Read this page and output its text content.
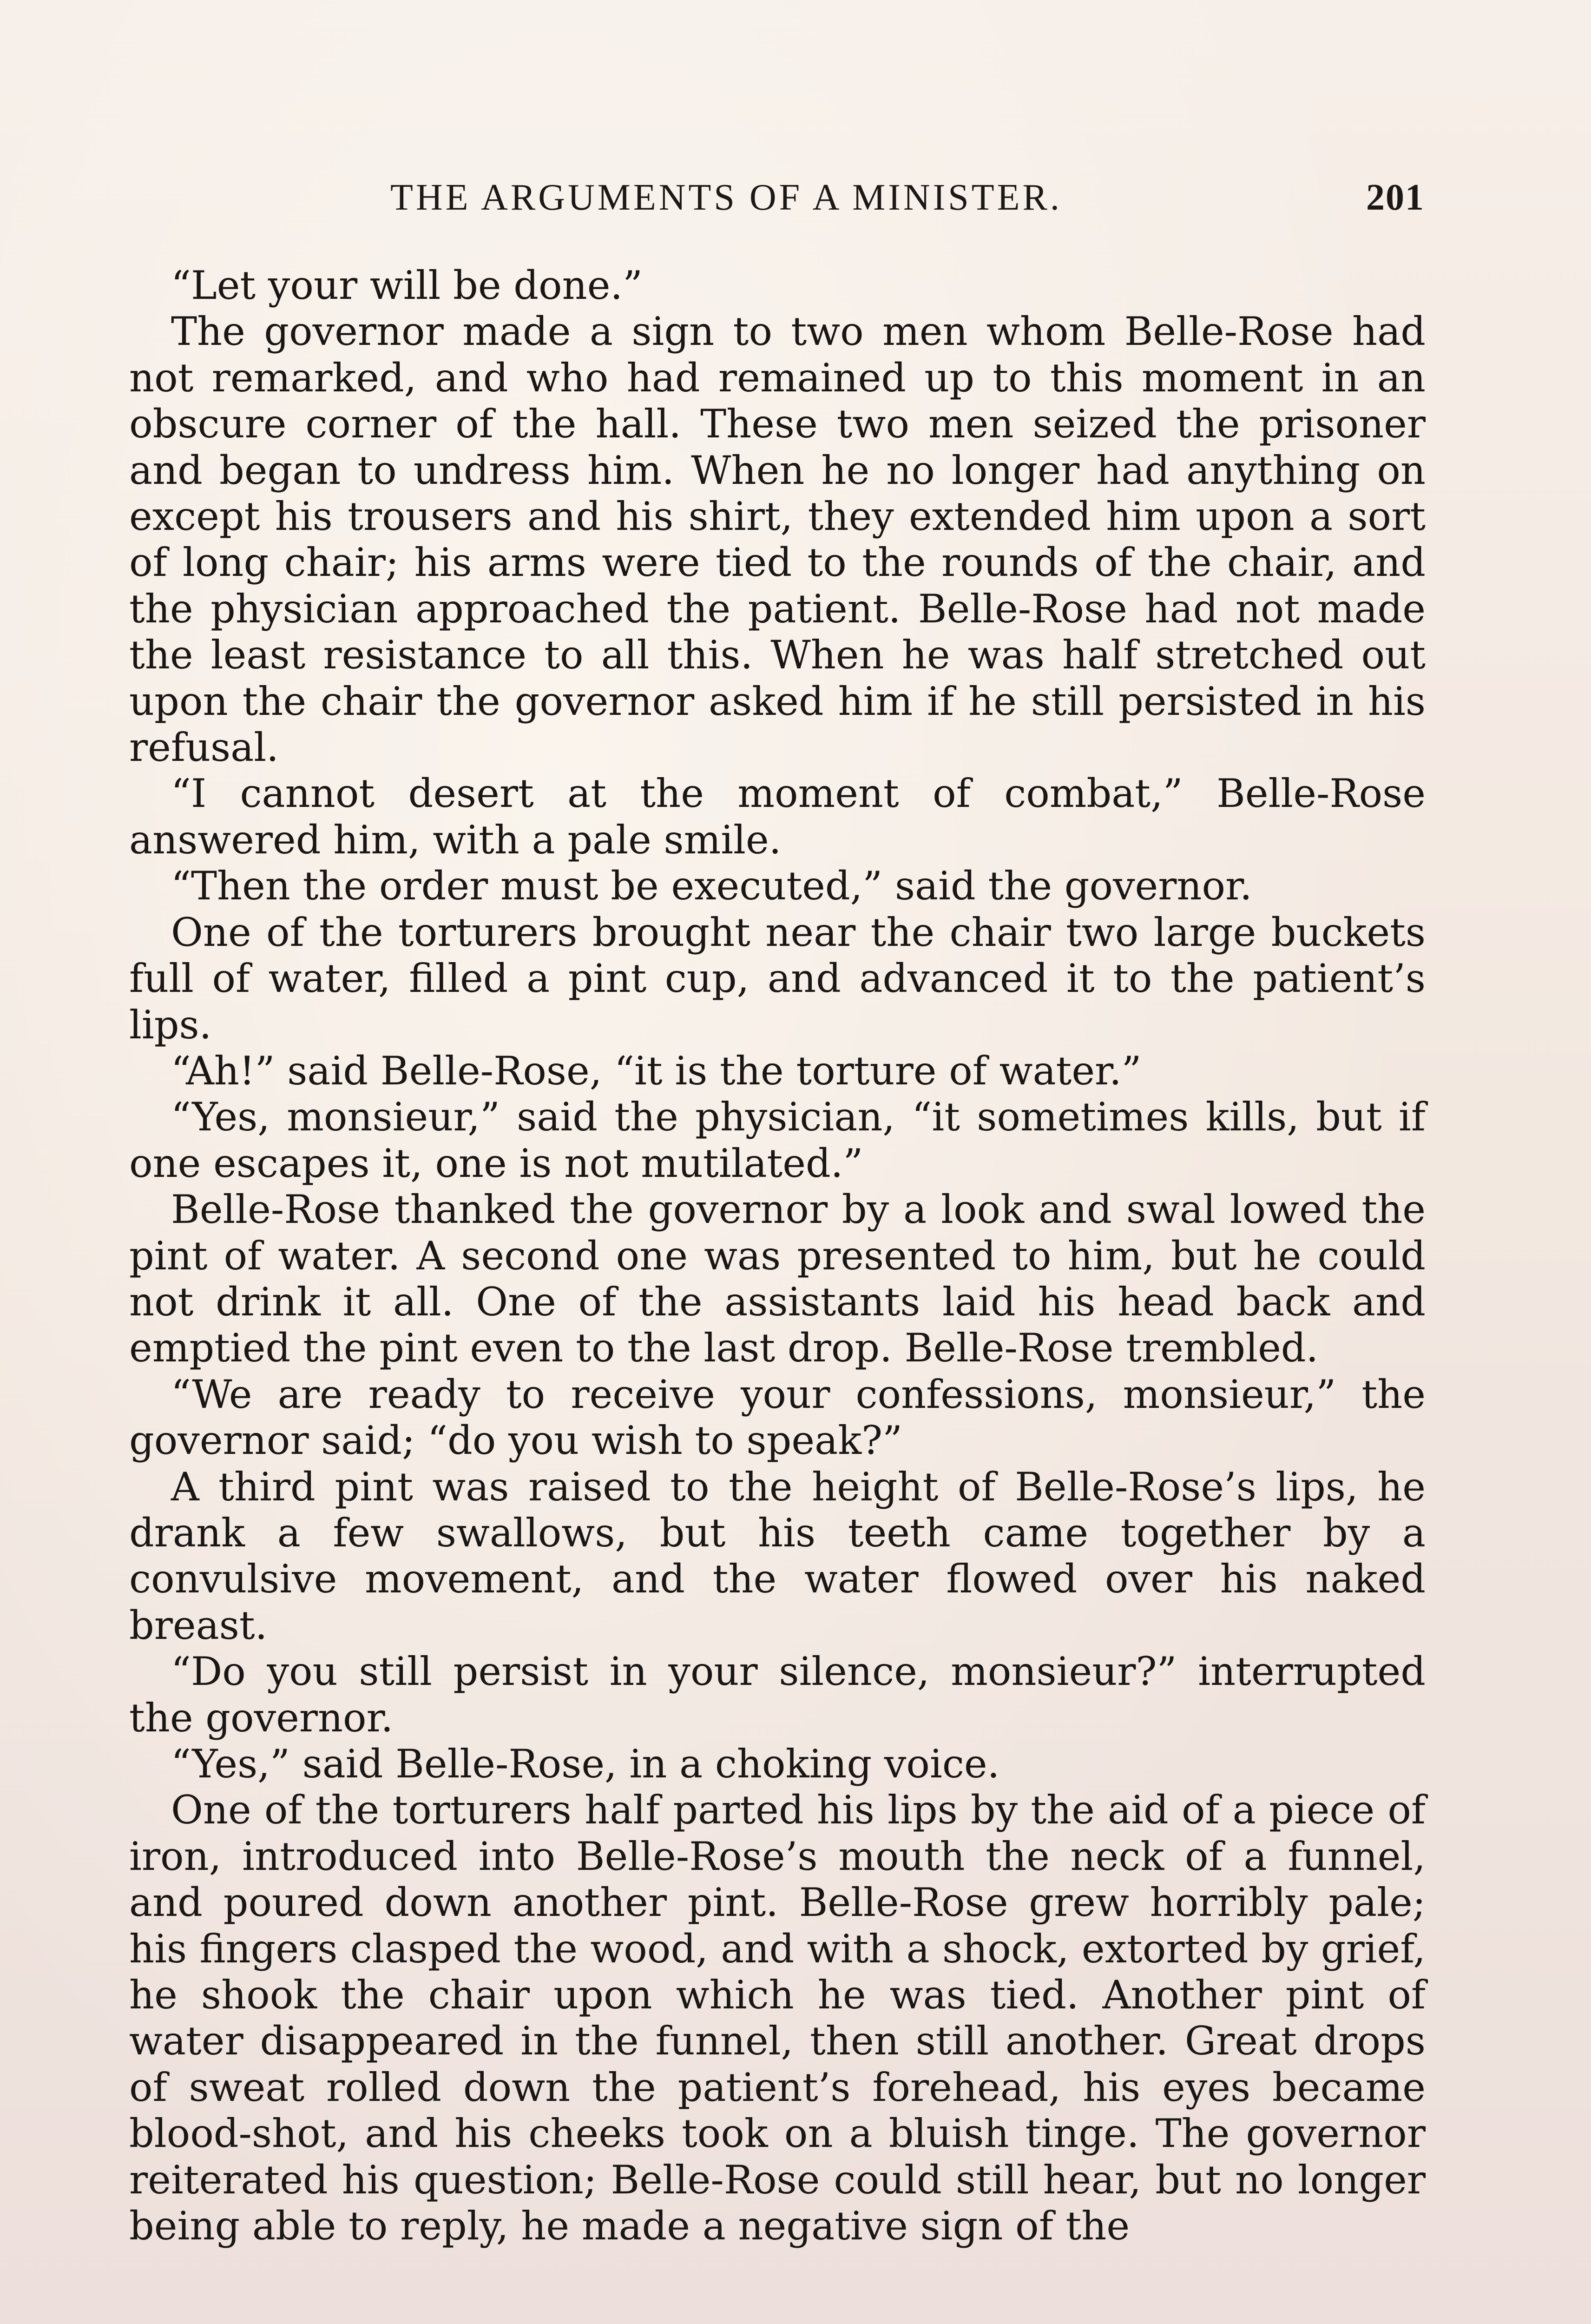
THE ARGUMENTS OF A MINISTER.	201

“Let your will be done.”

The governor made a sign to two men whom Belle-Rose had not remarked, and who had remained up to this moment in an obscure corner of the hall. These two men seized the prisoner and began to undress him. When he no longer had anything on except his trousers and his shirt, they extended him upon a sort of long chair; his arms were tied to the rounds of the chair, and the physician approached the patient. Belle-Rose had not made the least resistance to all this. When he was half stretched out upon the chair the governor asked him if he still persisted in his refusal.

“I cannot desert at the moment of combat,” Belle-Rose answered him, with a pale smile.

“Then the order must be executed,” said the governor.

One of the torturers brought near the chair two large buckets full of water, filled a pint cup, and advanced it to the patient’s lips.

“Ah!” said Belle-Rose, “it is the torture of water.”

“Yes, monsieur,” said the physician, “it sometimes kills, but if one escapes it, one is not mutilated.”

Belle-Rose thanked the governor by a look and swal lowed the pint of water. A second one was presented to him, but he could not drink it all. One of the assistants laid his head back and emptied the pint even to the last drop. Belle-Rose trembled.

“We are ready to receive your confessions, monsieur,” the governor said; “do you wish to speak?”

A third pint was raised to the height of Belle-Rose’s lips, he drank a few swallows, but his teeth came together by a convulsive movement, and the water flowed over his naked breast.

“Do you still persist in your silence, monsieur?” interrupted the governor.

“Yes,” said Belle-Rose, in a choking voice.

One of the torturers half parted his lips by the aid of a piece of iron, introduced into Belle-Rose’s mouth the neck of a funnel, and poured down another pint. Belle-Rose grew horribly pale; his fingers clasped the wood, and with a shock, extorted by grief, he shook the chair upon which he was tied. Another pint of water disappeared in the funnel, then still another. Great drops of sweat rolled down the patient’s forehead, his eyes became blood-shot, and his cheeks took on a bluish tinge. The governor reiterated his question; Belle-Rose could still hear, but no longer being able to reply, he made a negative sign of the
